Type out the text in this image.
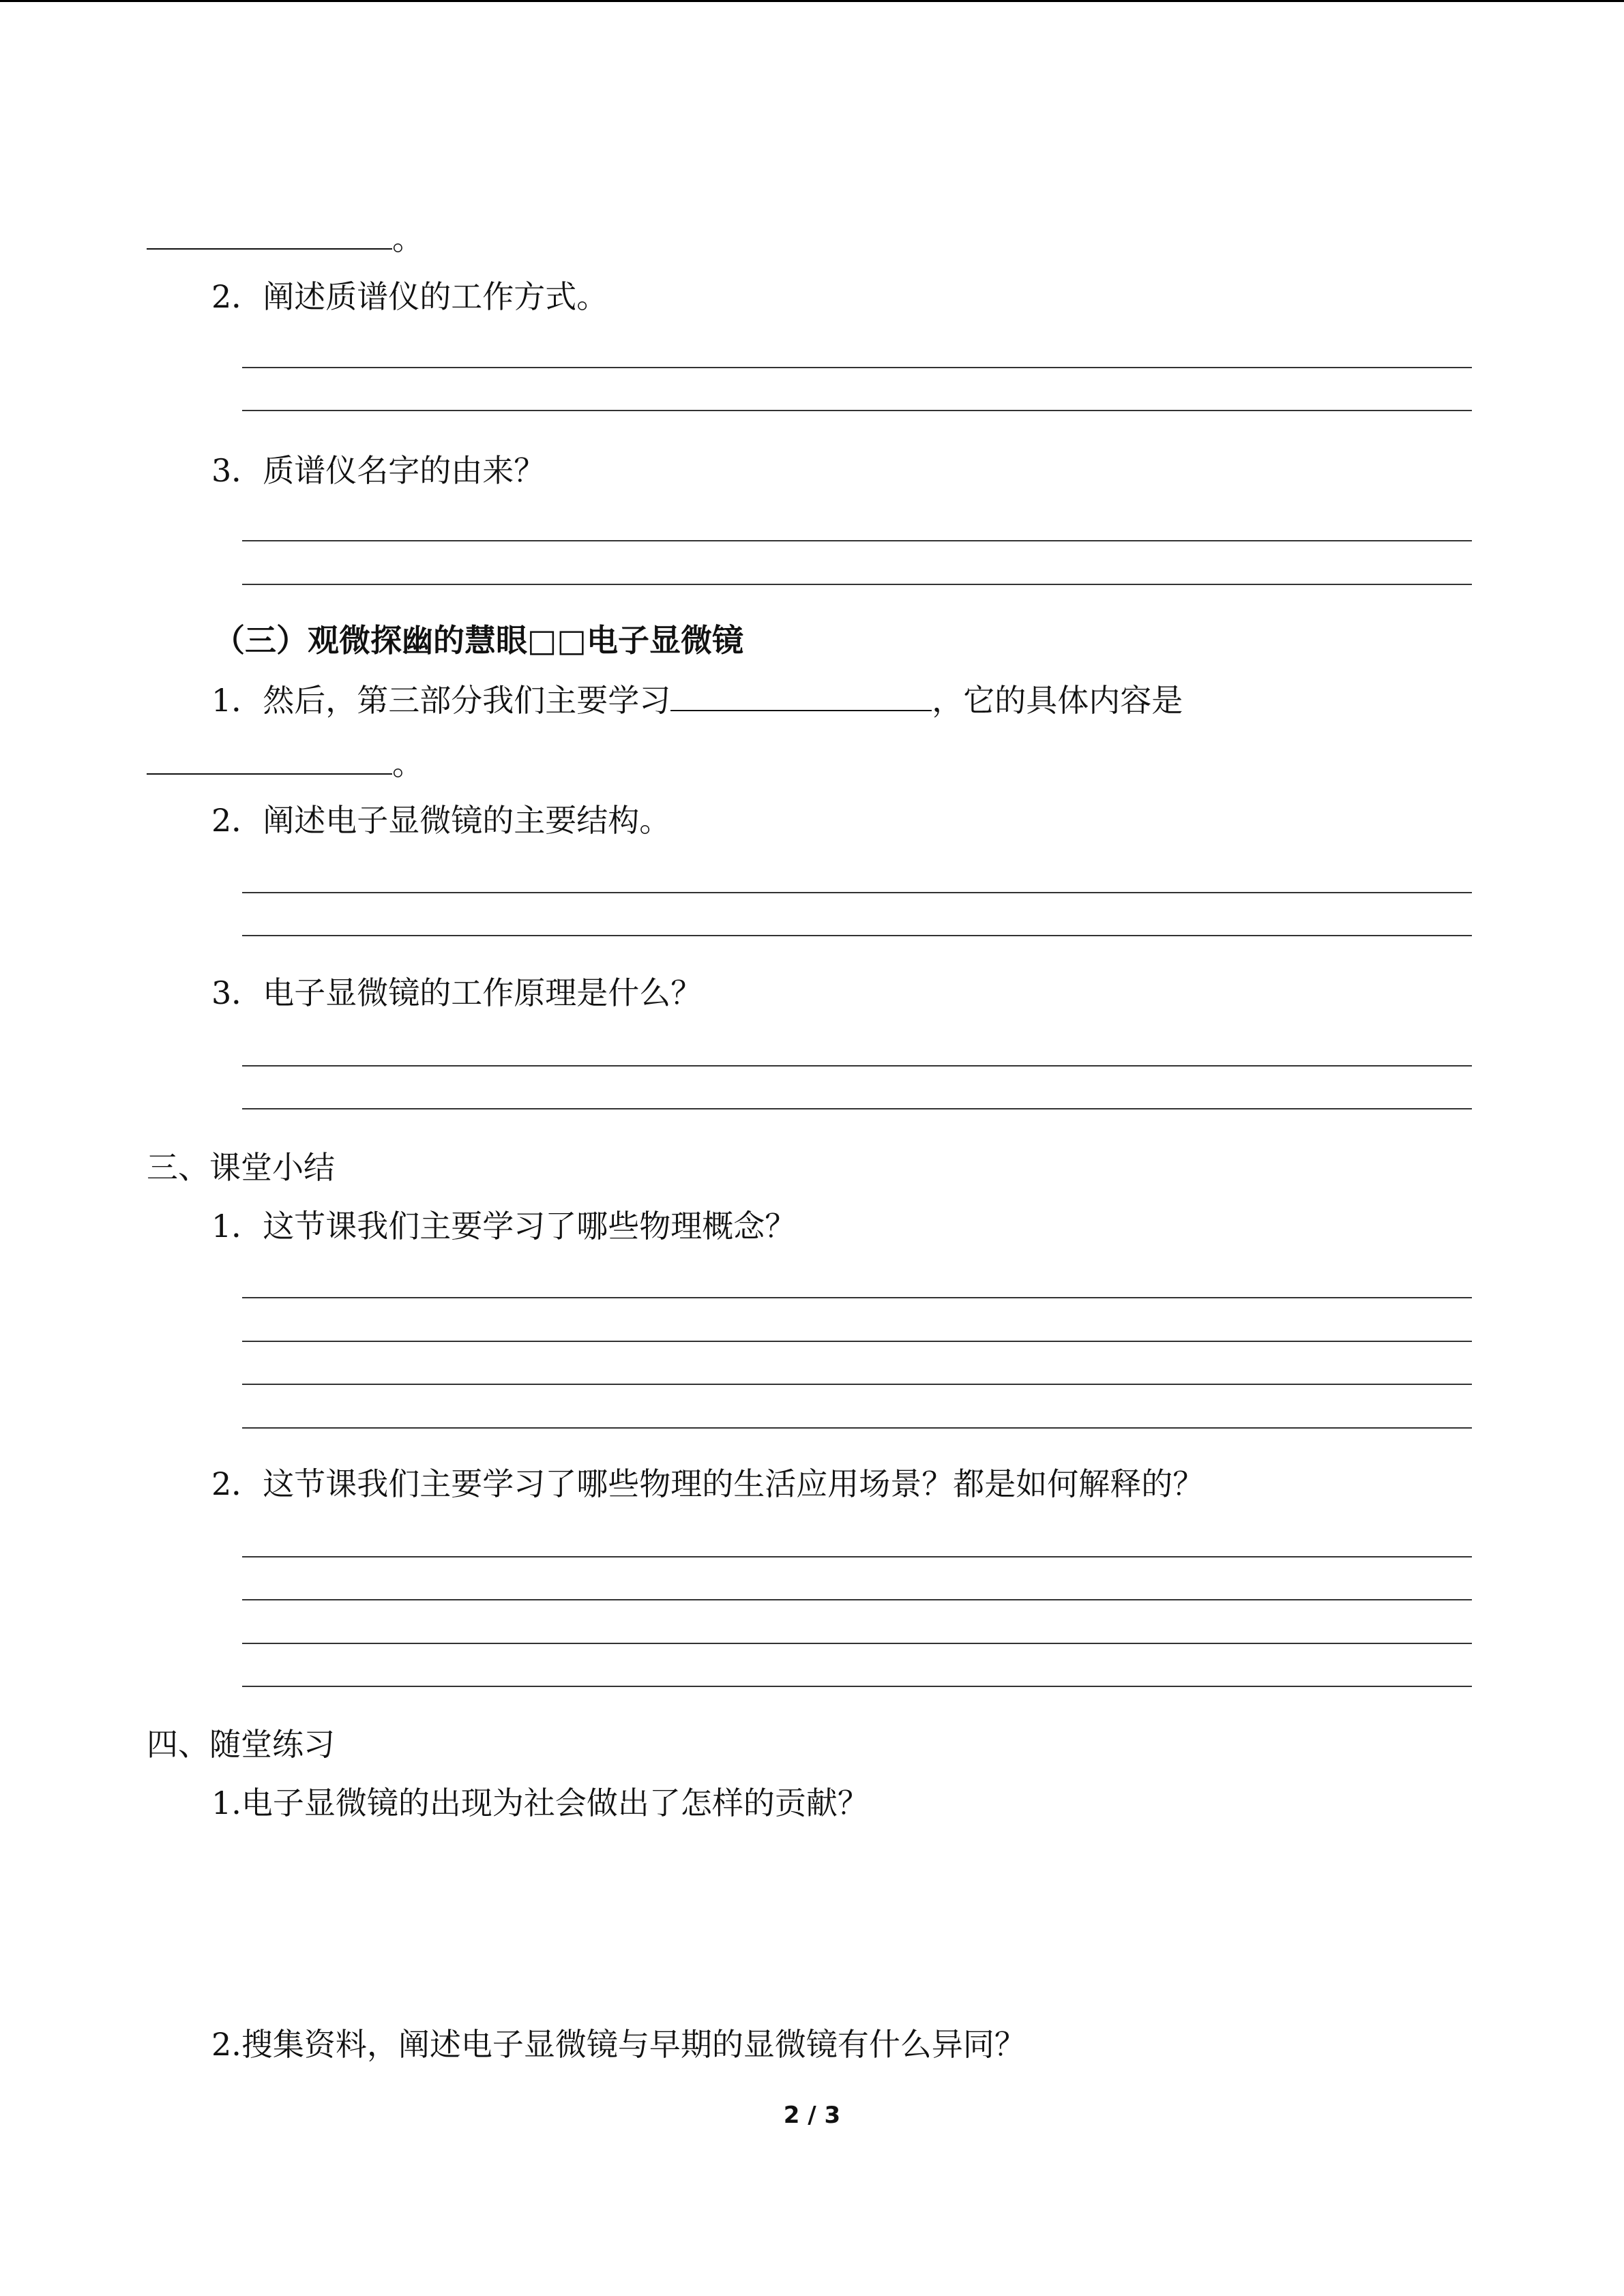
。
2．阐述质谱仪的工作方式。
3．质谱仪名字的由来？
（三）观微探幽的慧眼□□电子显微镜
1．然后，第三部分我们主要学习	，它的具体内容是
。
2．阐述电子显微镜的主要结构。
3．电子显微镜的工作原理是什么？
三、课堂小结
1．这节课我们主要学习了哪些物理概念？
2．这节课我们主要学习了哪些物理的生活应用场景？都是如何解释的？
四、随堂练习
1.电子显微镜的出现为社会做出了怎样的贡献？
2.搜集资料，阐述电子显微镜与早期的显微镜有什么异同？
2 / 3
